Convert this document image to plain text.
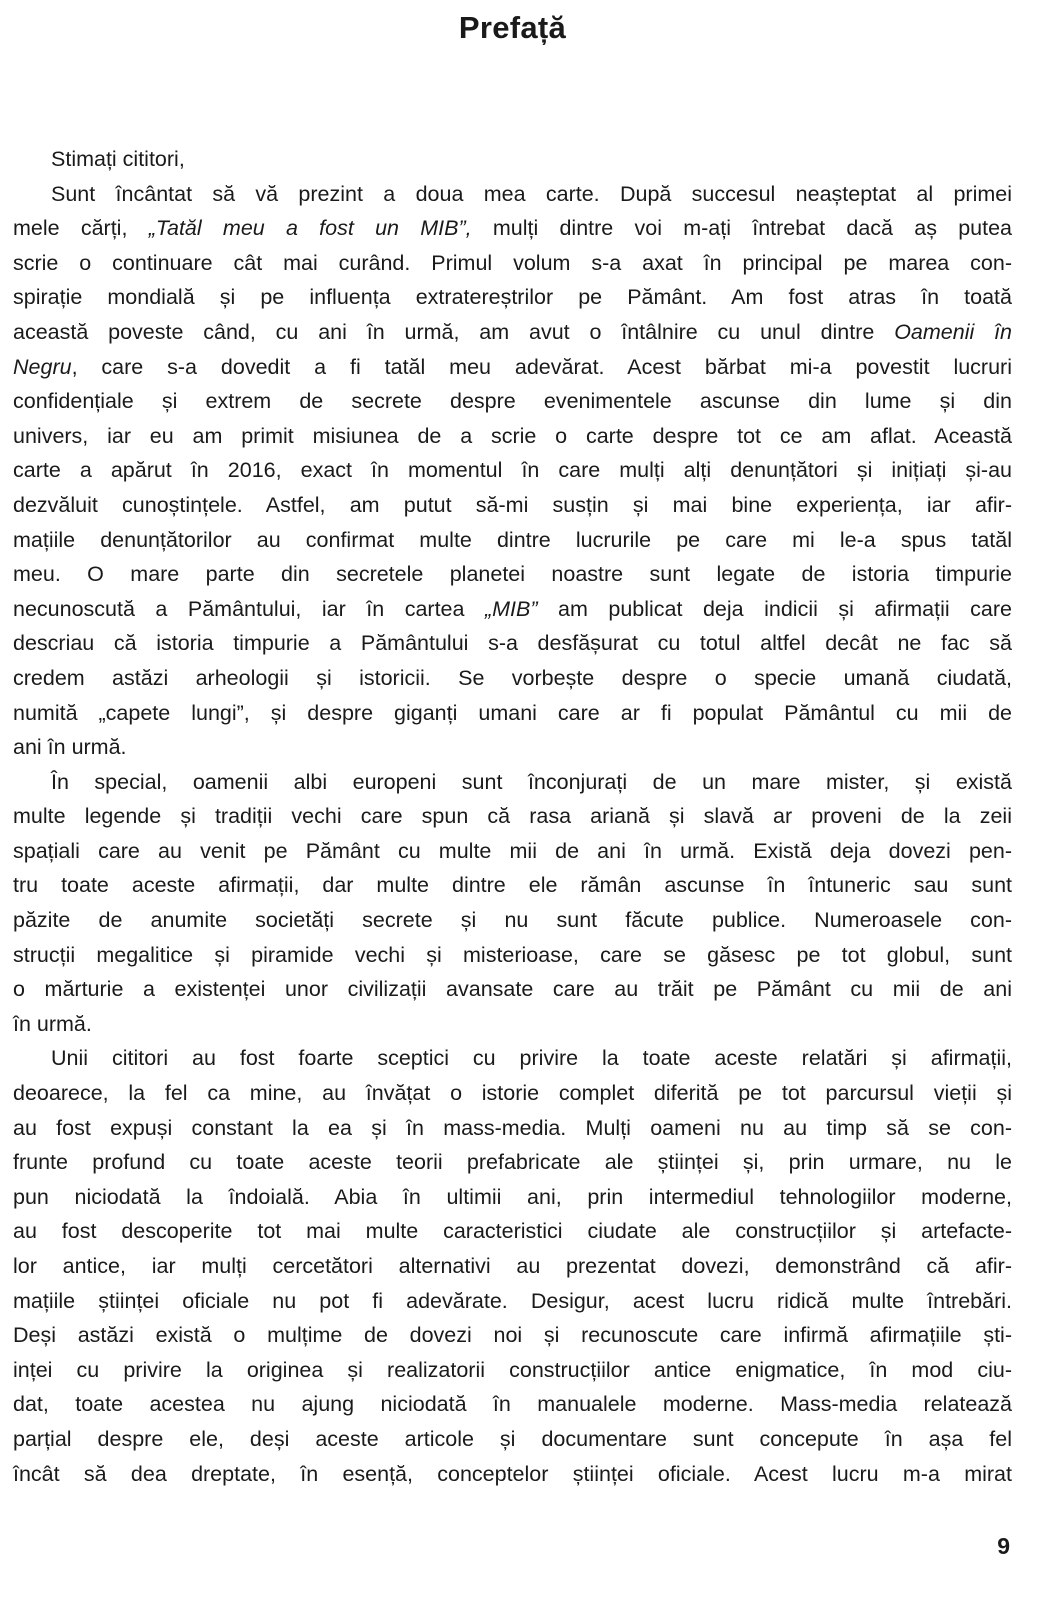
Prefață
Stimați cititori,
Sunt încântat să vă prezint a doua mea carte. După succesul neașteptat al primei
mele cărți, „Tatăl meu a fost un MIB”, mulți dintre voi m-ați întrebat dacă aș putea
scrie o continuare cât mai curând. Primul volum s-a axat în principal pe marea con-
spirație mondială și pe influența extratereștrilor pe Pământ. Am fost atras în toată
această poveste când, cu ani în urmă, am avut o întâlnire cu unul dintre Oamenii în
Negru, care s-a dovedit a fi tatăl meu adevărat. Acest bărbat mi-a povestit lucruri
confidențiale și extrem de secrete despre evenimentele ascunse din lume și din
univers, iar eu am primit misiunea de a scrie o carte despre tot ce am aflat. Această
carte a apărut în 2016, exact în momentul în care mulți alți denunțători și inițiați și-au
dezvăluit cunoștințele. Astfel, am putut să-mi susțin și mai bine experiența, iar afir-
mațiile denunțătorilor au confirmat multe dintre lucrurile pe care mi le-a spus tatăl
meu. O mare parte din secretele planetei noastre sunt legate de istoria timpurie
necunoscută a Pământului, iar în cartea „MIB” am publicat deja indicii și afirmații care
descriau că istoria timpurie a Pământului s-a desfășurat cu totul altfel decât ne fac să
credem astăzi arheologii și istoricii. Se vorbește despre o specie umană ciudată,
numită „capete lungi”, și despre giganți umani care ar fi populat Pământul cu mii de
ani în urmă.
În special, oamenii albi europeni sunt înconjurați de un mare mister, și există
multe legende și tradiții vechi care spun că rasa ariană și slavă ar proveni de la zeii
spațiali care au venit pe Pământ cu multe mii de ani în urmă. Există deja dovezi pen-
tru toate aceste afirmații, dar multe dintre ele rămân ascunse în întuneric sau sunt
păzite de anumite societăți secrete și nu sunt făcute publice. Numeroasele con-
strucții megalitice și piramide vechi și misterioase, care se găsesc pe tot globul, sunt
o mărturie a existenței unor civilizații avansate care au trăit pe Pământ cu mii de ani
în urmă.
Unii cititori au fost foarte sceptici cu privire la toate aceste relatări și afirmații,
deoarece, la fel ca mine, au învățat o istorie complet diferită pe tot parcursul vieții și
au fost expuși constant la ea și în mass-media. Mulți oameni nu au timp să se con-
frunte profund cu toate aceste teorii prefabricate ale științei și, prin urmare, nu le
pun niciodată la îndoială. Abia în ultimii ani, prin intermediul tehnologiilor moderne,
au fost descoperite tot mai multe caracteristici ciudate ale construcțiilor și artefacte-
lor antice, iar mulți cercetători alternativi au prezentat dovezi, demonstrând că afir-
mațiile științei oficiale nu pot fi adevărate. Desigur, acest lucru ridică multe întrebări.
Deși astăzi există o mulțime de dovezi noi și recunoscute care infirmă afirmațiile ști-
inței cu privire la originea și realizatorii construcțiilor antice enigmatice, în mod ciu-
dat, toate acestea nu ajung niciodată în manualele moderne. Mass-media relatează
parțial despre ele, deși aceste articole și documentare sunt concepute în așa fel
încât să dea dreptate, în esență, conceptelor științei oficiale. Acest lucru m-a mirat
9
